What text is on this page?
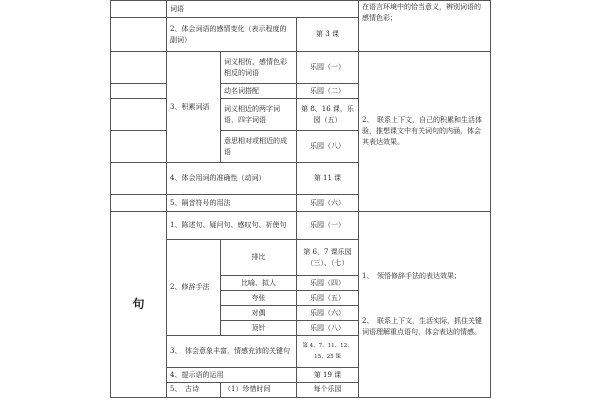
	词语			在语言环境中的恰当意义，辨别词语的感情色彩；
	2、体会词语的感情变化（表示程度的副词）		第 3 课	
	3、积累词语	词义相仿、感情色彩相反的词语	乐园（一）	2、　联系上下文，自己的积累和生活体验，推想课文中有关词句的内涵，体会其表达效果。
		动名词搭配	乐园（二）	
		词义相近的两字词语、四字词语	第 8、16 课，乐园（五）	
		意思相对或相近的成语	乐园（八）	
	4、体会用词的准确性（动词）		第 11 课	
	5、隔音符号的用法		乐园（六）	
句	1、陈述句、疑问句、感叹句、祈使句		乐园（一）	1、　领悟修辞手法的表达效果；
2、　联系上下文，生活实际，抓住关键词语理解重点语句，体会表达的情感。

	2、修辞手法	排比	第 6、7 课乐园（三）、（七）	
		比喻、拟人	乐园（四）	
		夸张	乐园（五）	
		对偶	乐园（六）	
		顶针	乐园（八）	
	3、　体会意象丰富，情感充沛的关键句		第 4、7、11、12、15、25 课	
	4、提示语的运用		第 19 课	
	5、　古诗	（1）珍惜时间	每个乐园	
